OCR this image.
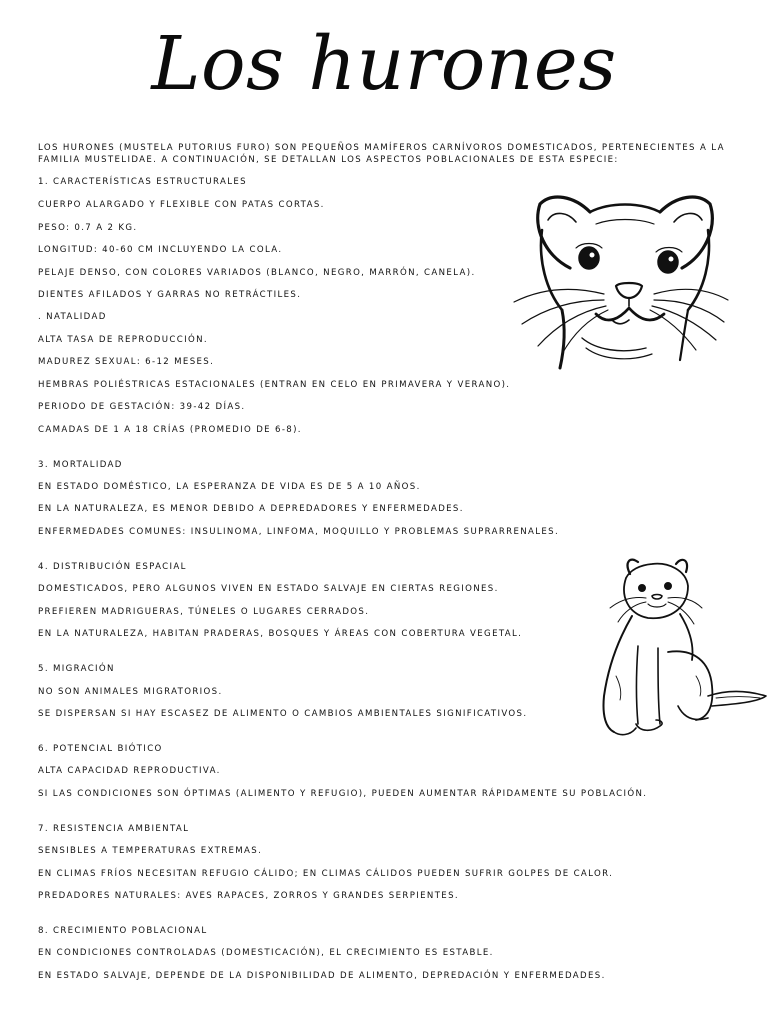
Los hurones

LOS HURONES (MUSTELA PUTORIUS FURO) SON PEQUEÑOS MAMÍFEROS CARNÍVOROS DOMESTICADOS, PERTENECIENTES A LA FAMILIA MUSTELIDAE. A CONTINUACIÓN, SE DETALLAN LOS ASPECTOS POBLACIONALES DE ESTA ESPECIE:

1. CARACTERÍSTICAS ESTRUCTURALES

CUERPO ALARGADO Y FLEXIBLE CON PATAS CORTAS.

PESO: 0.7 A 2 KG.

LONGITUD: 40-60 CM INCLUYENDO LA COLA.

PELAJE DENSO, CON COLORES VARIADOS (BLANCO, NEGRO, MARRÓN, CANELA).

DIENTES AFILADOS Y GARRAS NO RETRÁCTILES.

. NATALIDAD

ALTA TASA DE REPRODUCCIÓN.

MADUREZ SEXUAL: 6-12 MESES.

HEMBRAS POLIÉSTRICAS ESTACIONALES (ENTRAN EN CELO EN PRIMAVERA Y VERANO).

PERIODO DE GESTACIÓN: 39-42 DÍAS.

CAMADAS DE 1 A 18 CRÍAS (PROMEDIO DE 6-8).

3. MORTALIDAD

EN ESTADO DOMÉSTICO, LA ESPERANZA DE VIDA ES DE 5 A 10 AÑOS.

EN LA NATURALEZA, ES MENOR DEBIDO A DEPREDADORES Y ENFERMEDADES.

ENFERMEDADES COMUNES: INSULINOMA, LINFOMA, MOQUILLO Y PROBLEMAS SUPRARRENALES.

4. DISTRIBUCIÓN ESPACIAL

DOMESTICADOS, PERO ALGUNOS VIVEN EN ESTADO SALVAJE EN CIERTAS REGIONES.

PREFIEREN MADRIGUERAS, TÚNELES O LUGARES CERRADOS.

EN LA NATURALEZA, HABITAN PRADERAS, BOSQUES Y ÁREAS CON COBERTURA VEGETAL.

5. MIGRACIÓN

NO SON ANIMALES MIGRATORIOS.

SE DISPERSAN SI HAY ESCASEZ DE ALIMENTO O CAMBIOS AMBIENTALES SIGNIFICATIVOS.

6. POTENCIAL BIÓTICO

ALTA CAPACIDAD REPRODUCTIVA.

SI LAS CONDICIONES SON ÓPTIMAS (ALIMENTO Y REFUGIO), PUEDEN AUMENTAR RÁPIDAMENTE SU POBLACIÓN.

7. RESISTENCIA AMBIENTAL

SENSIBLES A TEMPERATURAS EXTREMAS.

EN CLIMAS FRÍOS NECESITAN REFUGIO CÁLIDO; EN CLIMAS CÁLIDOS PUEDEN SUFRIR GOLPES DE CALOR.

PREDADORES NATURALES: AVES RAPACES, ZORROS Y GRANDES SERPIENTES.

8. CRECIMIENTO POBLACIONAL

EN CONDICIONES CONTROLADAS (DOMESTICACIÓN), EL CRECIMIENTO ES ESTABLE.

EN ESTADO SALVAJE, DEPENDE DE LA DISPONIBILIDAD DE ALIMENTO, DEPREDACIÓN Y ENFERMEDADES.
